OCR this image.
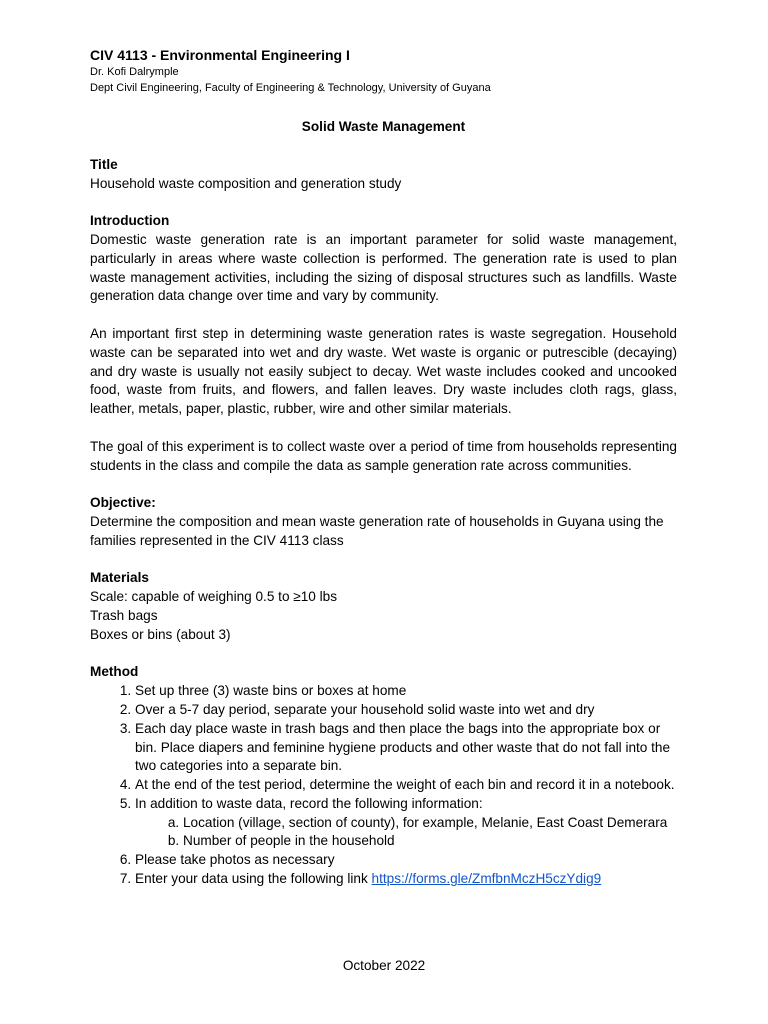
CIV 4113 - Environmental Engineering I

Dr. Kofi Dalrymple

Dept Civil Engineering, Faculty of Engineering & Technology, University of Guyana

Solid Waste Management

Title

Household waste composition and generation study

Introduction

Domestic waste generation rate is an important parameter for solid waste management, particularly in areas where waste collection is performed. The generation rate is used to plan waste management activities, including the sizing of disposal structures such as landfills. Waste generation data change over time and vary by community.

An important first step in determining waste generation rates is waste segregation. Household waste can be separated into wet and dry waste. Wet waste is organic or putrescible (decaying) and dry waste is usually not easily subject to decay. Wet waste includes cooked and uncooked food, waste from fruits, and flowers, and fallen leaves. Dry waste includes cloth rags, glass, leather, metals, paper, plastic, rubber, wire and other similar materials.

The goal of this experiment is to collect waste over a period of time from households representing students in the class and compile the data as sample generation rate across communities.

Objective:

Determine the composition and mean waste generation rate of households in Guyana using the families represented in the CIV 4113 class

Materials

Scale: capable of weighing 0.5 to ≥10 lbs
Trash bags
Boxes or bins (about 3)

Method

1. Set up three (3) waste bins or boxes at home
2. Over a 5-7 day period, separate your household solid waste into wet and dry
3. Each day place waste in trash bags and then place the bags into the appropriate box or bin. Place diapers and feminine hygiene products and other waste that do not fall into the two categories into a separate bin.
4. At the end of the test period, determine the weight of each bin and record it in a notebook.
5. In addition to waste data, record the following information:
a. Location (village, section of county), for example, Melanie, East Coast Demerara
b. Number of people in the household
6. Please take photos as necessary
7. Enter your data using the following link https://forms.gle/ZmfbnMczH5czYdig9
October 2022
